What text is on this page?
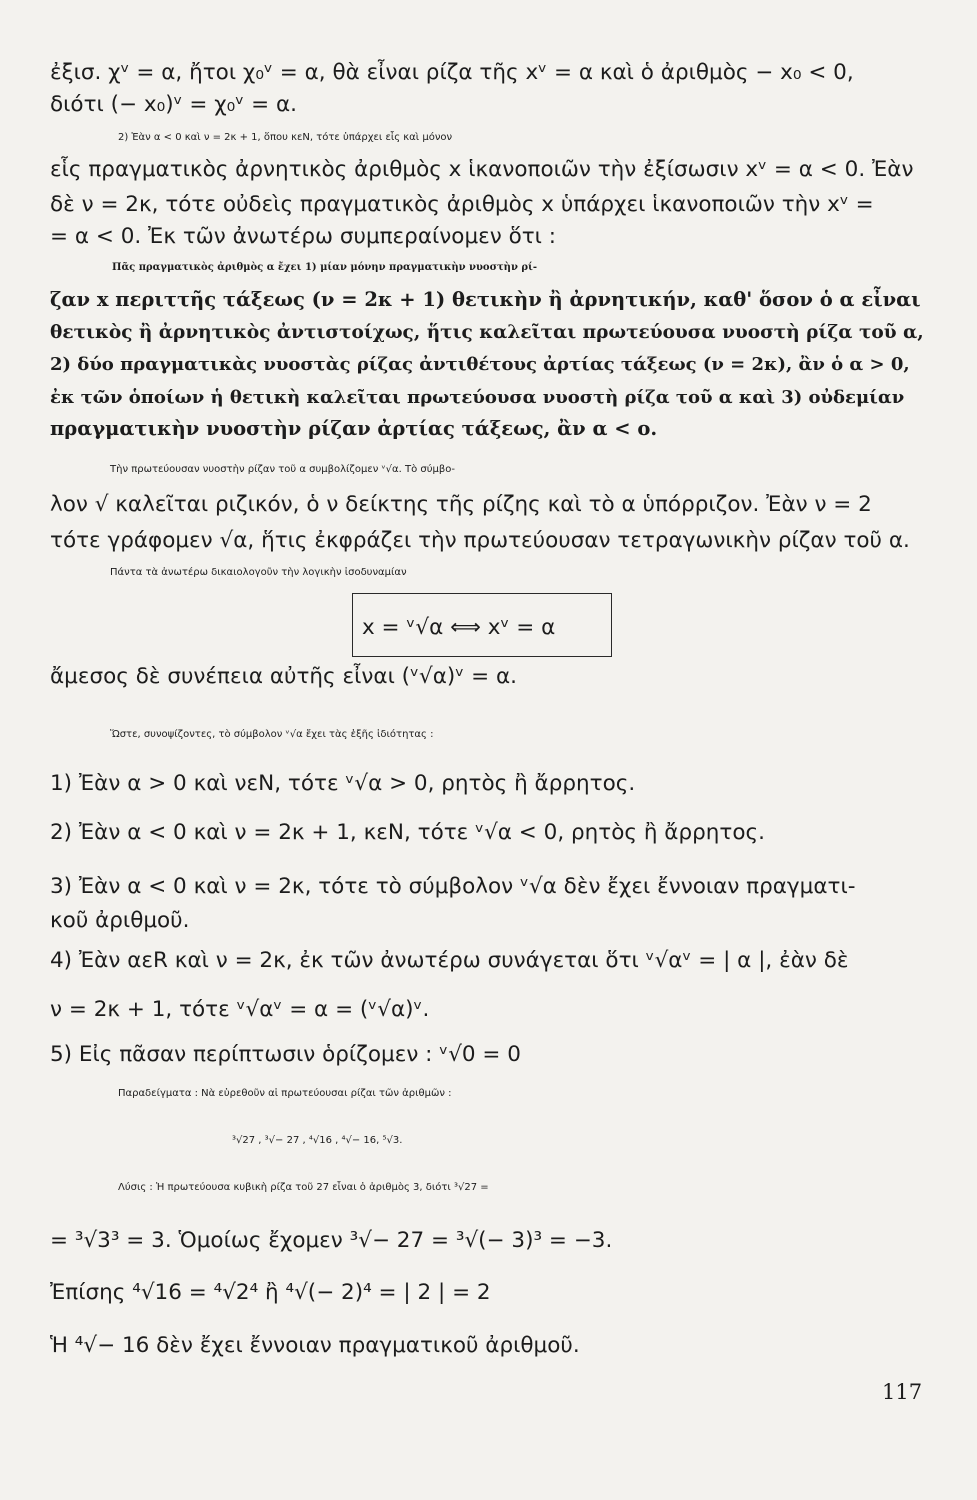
ἐξισ. χᵛ = α, ἤτοι χ₀ᵛ = α, θὰ εἶναι ρίζα τῆς xᵛ = α καὶ ὁ ἀριθμὸς − x₀ < 0,
διότι (− x₀)ᵛ = χ₀ᵛ = α.
2) Ἐὰν α < 0 καὶ ν = 2κ + 1, ὅπου κεN, τότε ὑπάρχει εἷς καὶ μόνον
εἷς πραγματικὸς ἀρνητικὸς ἀριθμὸς x ἱκανοποιῶν τὴν ἐξίσωσιν xᵛ = α < 0. Ἐὰν
δὲ ν = 2κ, τότε οὐδεὶς πραγματικὸς ἀριθμὸς x ὑπάρχει ἱκανοποιῶν τὴν xᵛ =
= α < 0. Ἐκ τῶν ἀνωτέρω συμπεραίνομεν ὅτι :
Πᾶς πραγματικὸς ἀριθμὸς α ἔχει 1) μίαν μόνην πραγματικὴν νυοστὴν ρί-
ζαν x περιττῆς τάξεως (ν = 2κ + 1) θετικὴν ἢ ἀρνητικήν, καθ' ὅσον ὁ α εἶναι
θετικὸς ἢ ἀρνητικὸς ἀντιστοίχως, ἥτις καλεῖται πρωτεύουσα νυοστὴ ρίζα τοῦ α,
2) δύο πραγματικὰς νυοστὰς ρίζας ἀντιθέτους ἀρτίας τάξεως (ν = 2κ), ἂν ὁ α > 0,
ἐκ τῶν ὁποίων ἡ θετικὴ καλεῖται πρωτεύουσα νυοστὴ ρίζα τοῦ α καὶ 3) οὐδεμίαν
πραγματικὴν νυοστὴν ρίζαν ἀρτίας τάξεως, ἂν α < ο.
Τὴν πρωτεύουσαν νυοστὴν ρίζαν τοῦ α συμβολίζομεν ᵛ√α. Τὸ σύμβο-
λον √ καλεῖται ριζικόν, ὁ ν δείκτης τῆς ρίζης καὶ τὸ α ὑπόρριζον. Ἐὰν ν = 2
τότε γράφομεν √α, ἥτις ἐκφράζει τὴν πρωτεύουσαν τετραγωνικὴν ρίζαν τοῦ α.
Πάντα τὰ ἀνωτέρω δικαιολογοῦν τὴν λογικὴν ἰσοδυναμίαν
x = ᵛ√α ⟺ xᵛ = α
ἄμεσος δὲ συνέπεια αὐτῆς εἶναι (ᵛ√α)ᵛ = α.
Ὥστε, συνοψίζοντες, τὸ σύμβολον ᵛ√α ἔχει τὰς ἑξῆς ἰδιότητας :
1) Ἐὰν α > 0 καὶ νεN, τότε ᵛ√α > 0, ρητὸς ἢ ἄρρητος.
2) Ἐὰν α < 0 καὶ ν = 2κ + 1, κεN, τότε ᵛ√α < 0, ρητὸς ἢ ἄρρητος.
3) Ἐὰν α < 0 καὶ ν = 2κ, τότε τὸ σύμβολον ᵛ√α δὲν ἔχει ἔννοιαν πραγματι-
κοῦ ἀριθμοῦ.
4) Ἐὰν αεR καὶ ν = 2κ, ἐκ τῶν ἀνωτέρω συνάγεται ὅτι ᵛ√αᵛ = | α |, ἐὰν δὲ
ν = 2κ + 1, τότε ᵛ√αᵛ = α = (ᵛ√α)ᵛ.
5) Εἰς πᾶσαν περίπτωσιν ὁρίζομεν : ᵛ√0 = 0
Παραδείγματα : Νὰ εὑρεθοῦν αἱ πρωτεύουσαι ρίζαι τῶν ἀριθμῶν :
³√27 , ³√− 27 , ⁴√16 , ⁴√− 16, ⁵√3.
Λύσις : Ἡ πρωτεύουσα κυβικὴ ρίζα τοῦ 27 εἶναι ὁ ἀριθμὸς 3, διότι ³√27 =
= ³√3³ = 3. Ὁμοίως ἔχομεν ³√− 27 = ³√(− 3)³ = −3.
Ἐπίσης ⁴√16 = ⁴√2⁴ ἢ ⁴√(− 2)⁴ = | 2 | = 2
Ἡ ⁴√− 16 δὲν ἔχει ἔννοιαν πραγματικοῦ ἀριθμοῦ.
117
